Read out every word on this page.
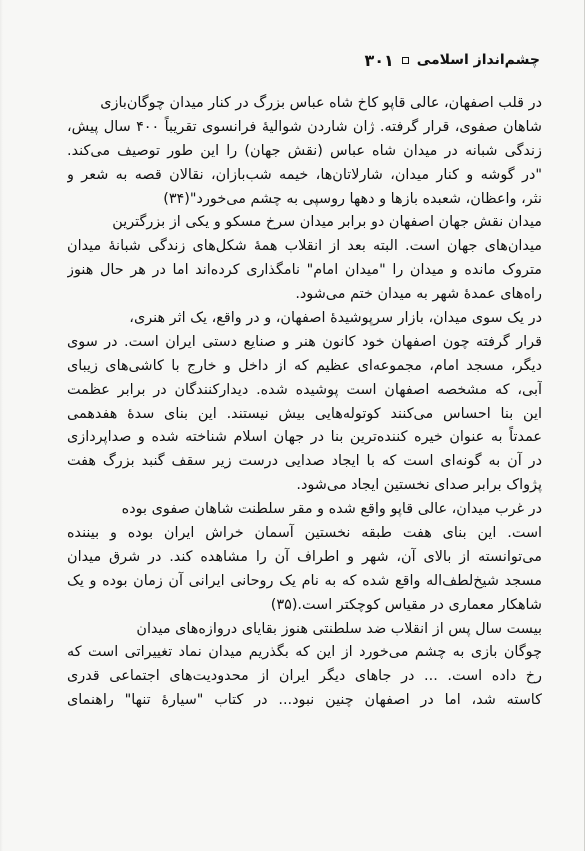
چشم‌انداز اسلامی
۳۰۱

در قلب اصفهان، عالی قاپو کاخ شاه عباس بزرگ در کنار میدان چوگان‌بازی
شاهان صفوی، قرار گرفته. ژان شاردن شوالیهٔ فرانسوی تقریباً ۴۰۰ سال پیش،
زندگی شبانه در میدان شاه عباس (نقش جهان) را این طور توصیف می‌کند.
"در گوشه و کنار میدان، شارلاتان‌ها، خیمه شب‌بازان، نقالان قصه به شعر و
نثر، واعظان، شعبده بازها و دهها روسپی به چشم می‌خورد"(۳۴)

میدان نقش جهان اصفهان دو برابر میدان سرخ مسکو و یکی از بزرگترین
میدان‌های جهان است. البته بعد از انقلاب همهٔ شکل‌های زندگی شبانهٔ میدان
متروک مانده و میدان را "میدان امام" نامگذاری کرده‌اند اما در هر حال هنوز
راه‌های عمدهٔ شهر به میدان ختم می‌شود.

در یک سوی میدان، بازار سرپوشیدهٔ اصفهان، و در واقع، یک اثر هنری،
قرار گرفته چون اصفهان خود کانون هنر و صنایع دستی ایران است. در سوی
دیگر، مسجد امام، مجموعه‌ای عظیم که از داخل و خارج با کاشی‌های زیبای
آبی، که مشخصه اصفهان است پوشیده شده. دیدارکنندگان در برابر عظمت
این بنا احساس می‌کنند کوتوله‌هایی بیش نیستند. این بنای سدهٔ هفدهمی
عمدتاً به عنوان خیره کننده‌ترین بنا در جهان اسلام شناخته شده و صداپردازی
در آن به گونه‌ای است که با ایجاد صدایی درست زیر سقف گنبد بزرگ هفت
پژواک برابر صدای نخستین ایجاد می‌شود.

در غرب میدان، عالی قاپو واقع شده و مقر سلطنت شاهان صفوی بوده
است. این بنای هفت طبقه نخستین آسمان خراش ایران بوده و بیننده
می‌توانسته از بالای آن، شهر و اطراف آن را مشاهده کند. در شرق میدان
مسجد شیخ‌لطف‌اله واقع شده که به نام یک روحانی ایرانی آن زمان بوده و یک
شاهکار معماری در مقیاس کوچکتر است.(۳۵)

بیست سال پس از انقلاب ضد سلطنتی هنوز بقایای دروازه‌های میدان
چوگان بازی به چشم می‌خورد از این که بگذریم میدان نماد تغییراتی است که
رخ داده است. ... در جاهای دیگر ایران از محدودیت‌های اجتماعی قدری
کاسته شد، اما در اصفهان چنین نبود... در کتاب "سیارهٔ تنها" راهنمای
